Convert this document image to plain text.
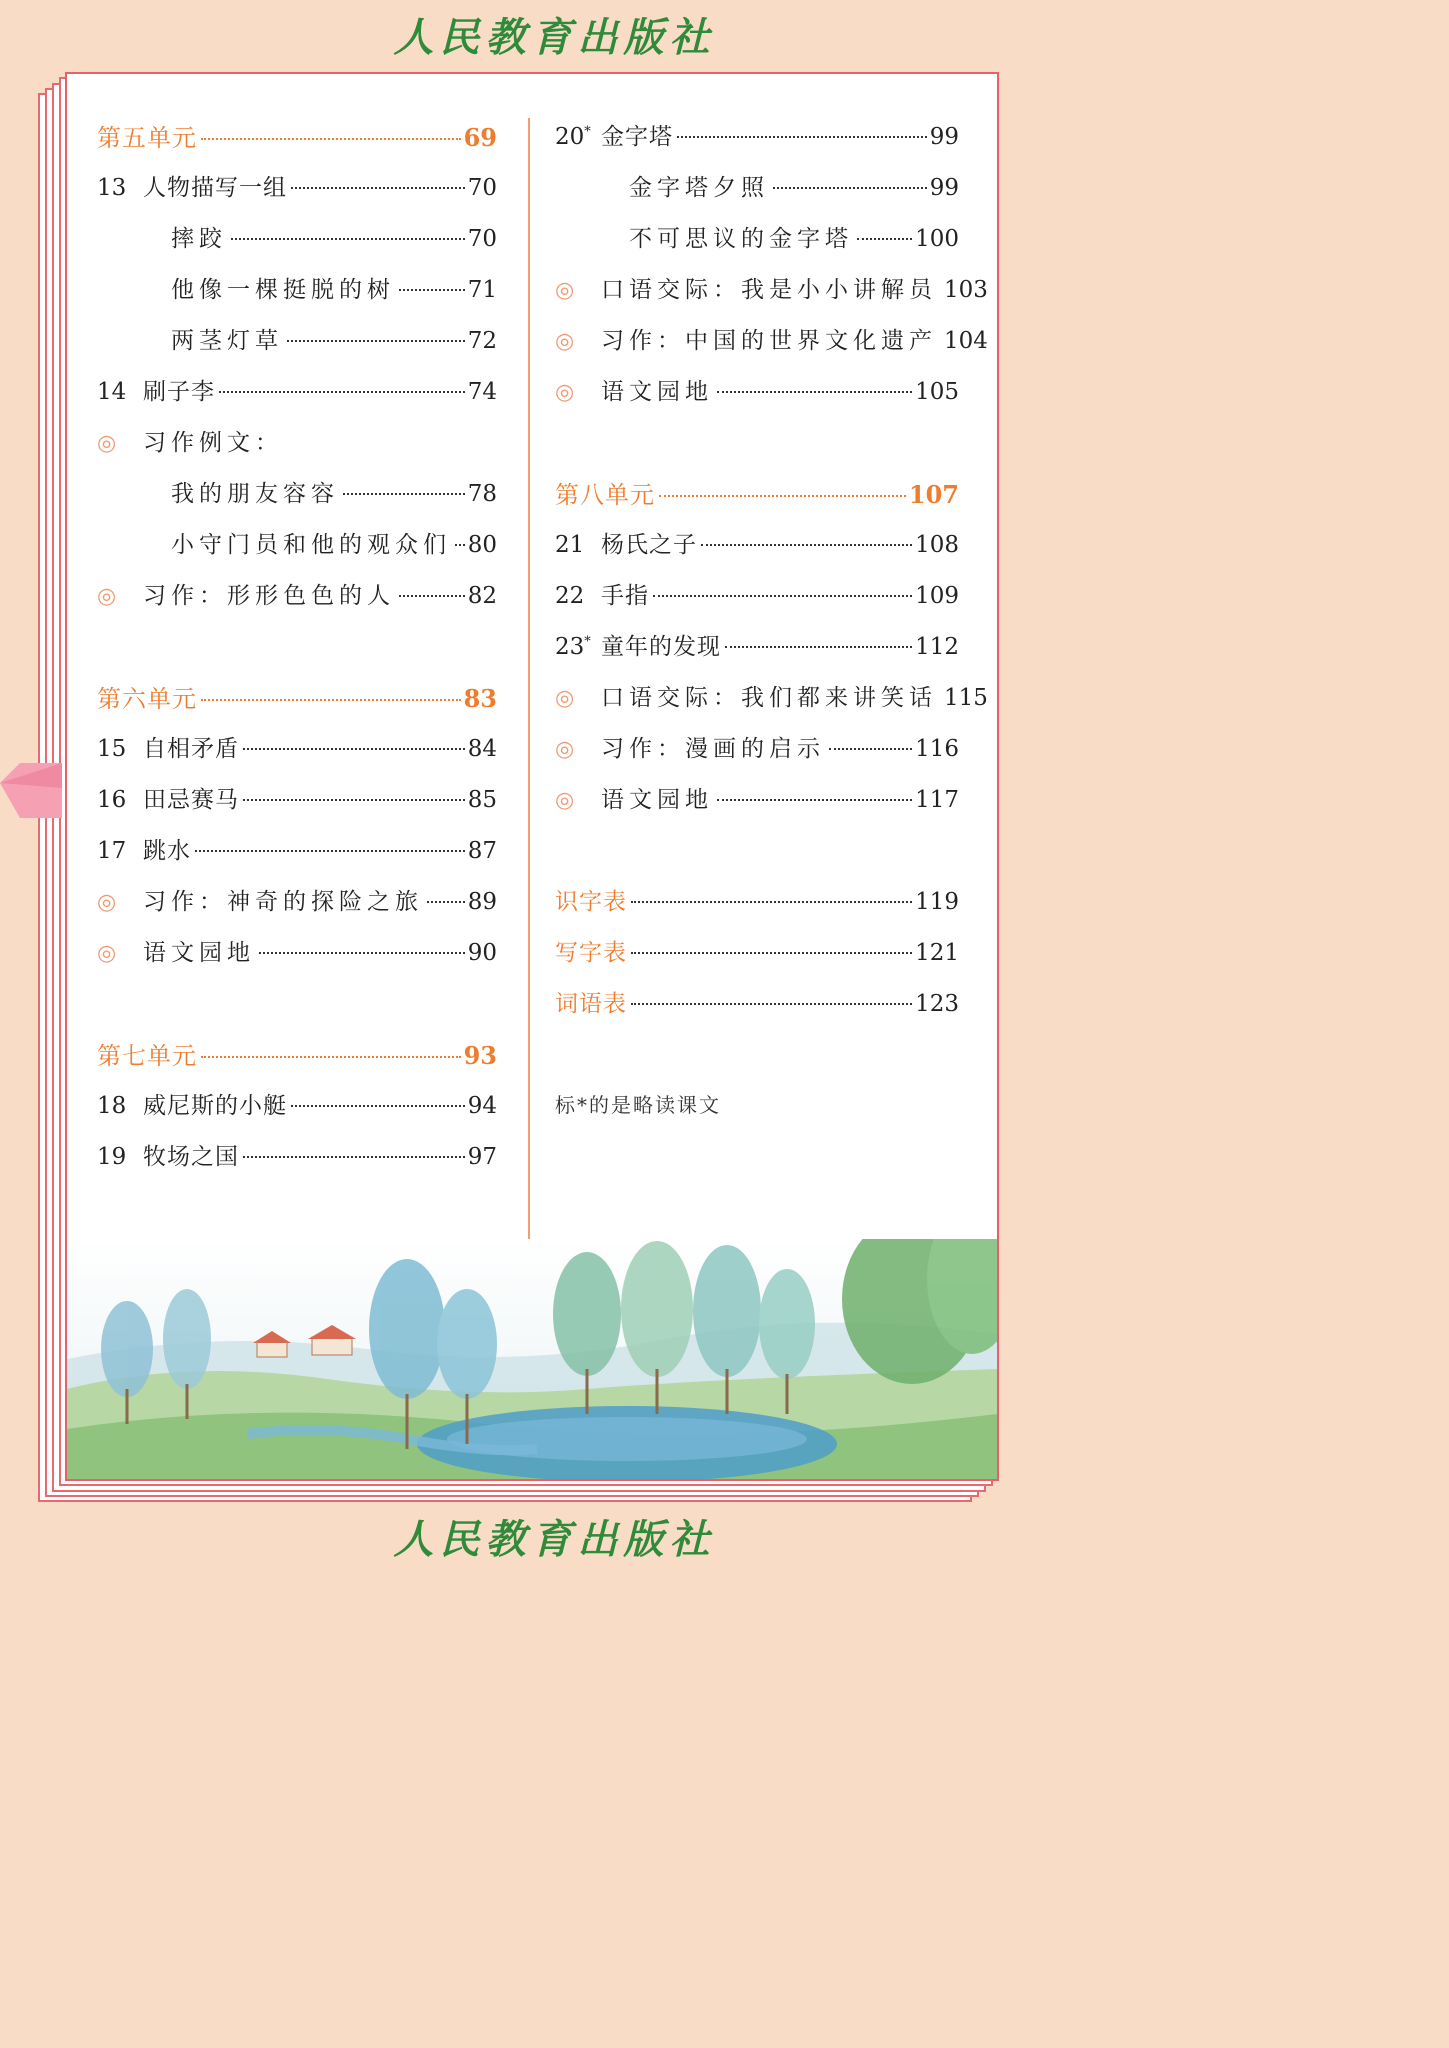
人民教育出版社
第五单元	69
13 人物描写一组	70
摔跤	70
他像一棵挺脱的树	71
两茎灯草	72
14 刷子李	74
◎	习作例文：
我的朋友容容	78
小守门员和他的观众们 80
◎	习作：形形色色的人	82
第六单元	83
15 自相矛盾	84
16 田忌赛马	85
17 跳水	87
◎	习作：神奇的探险之旅 89
◎	语文园地	90
第七单元	93
18 威尼斯的小艇	94
19 牧场之国	97
20* 金字塔	99
金字塔夕照	99
不可思议的金字塔	100
◎	口语交际：我是小小讲解员 103
◎	习作：中国的世界文化遗产 104
◎	语文园地	105
第八单元	107
21 杨氏之子	108
22 手指	109
23* 童年的发现	112
◎	口语交际：我们都来讲笑话 115
◎	习作：漫画的启示	116
◎	语文园地	117
识字表	119
写字表	121
词语表	123
标*的是略读课文
人民教育出版社
